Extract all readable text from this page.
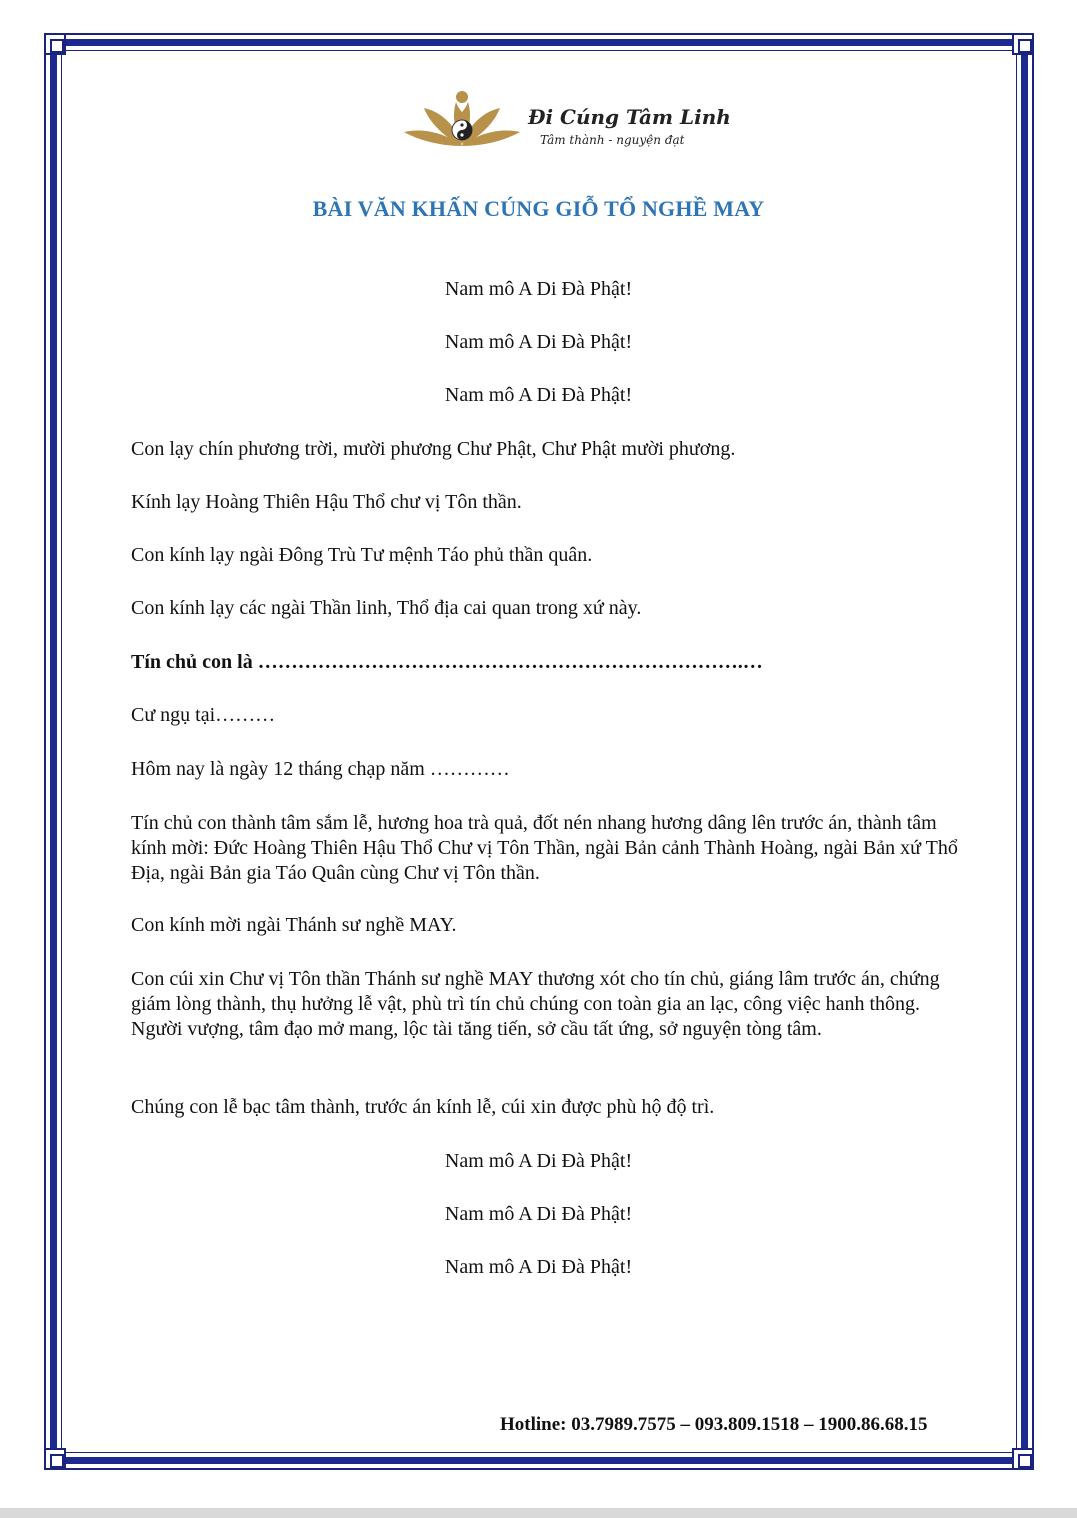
Đi Cúng Tâm Linh
Tâm thành - nguyện đạt
BÀI VĂN KHẤN CÚNG GIỖ TỔ NGHỀ MAY
Nam mô A Di Đà Phật!
Nam mô A Di Đà Phật!
Nam mô A Di Đà Phật!
Con lạy chín phương trời, mười phương Chư Phật, Chư Phật mười phương.
Kính lạy Hoàng Thiên Hậu Thổ chư vị Tôn thần.
Con kính lạy ngài Đông Trù Tư mệnh Táo phủ thần quân.
Con kính lạy các ngài Thần linh, Thổ địa cai quan trong xứ này.
Tín chủ con là ……………………………………………………………….…
Cư ngụ tại………
Hôm nay là ngày 12 tháng chạp năm …………
Tín chủ con thành tâm sắm lễ, hương hoa trà quả, đốt nén nhang hương dâng lên trước án, thành tâm kính mời: Đức Hoàng Thiên Hậu Thổ Chư vị Tôn Thần, ngài Bản cảnh Thành Hoàng, ngài Bản xứ Thổ Địa, ngài Bản gia Táo Quân cùng Chư vị Tôn thần.
Con kính mời ngài Thánh sư nghề MAY.
Con cúi xin Chư vị Tôn thần Thánh sư nghề MAY thương xót cho tín chủ, giáng lâm trước án, chứng giám lòng thành, thụ hưởng lễ vật, phù trì tín chủ chúng con toàn gia an lạc, công việc hanh thông. Người vượng, tâm đạo mở mang, lộc tài tăng tiến, sở cầu tất ứng, sở nguyện tòng tâm.
Chúng con lễ bạc tâm thành, trước án kính lễ, cúi xin được phù hộ độ trì.
Nam mô A Di Đà Phật!
Nam mô A Di Đà Phật!
Nam mô A Di Đà Phật!
Hotline: 03.7989.7575 – 093.809.1518 – 1900.86.68.15
